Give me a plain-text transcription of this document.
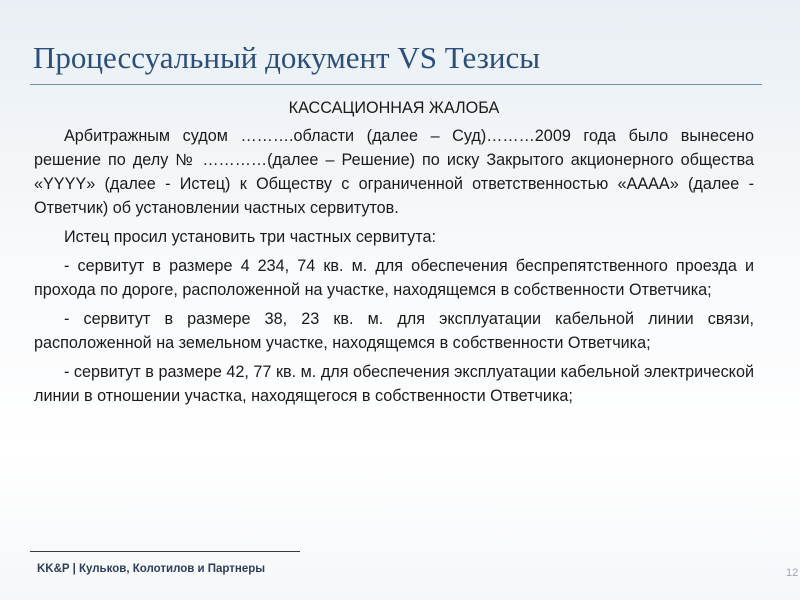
Процессуальный документ VS Тезисы
КАССАЦИОННАЯ ЖАЛОБА

Арбитражным судом ……….области (далее – Суд)………2009 года было вынесено решение по делу № …………(далее – Решение) по иску Закрытого акционерного общества «YYYY» (далее - Истец) к Обществу с ограниченной ответственностью «АААА» (далее - Ответчик) об установлении частных сервитутов.

Истец просил установить три частных сервитута:

- сервитут в размере 4 234, 74 кв. м. для обеспечения беспрепятственного проезда и прохода по дороге, расположенной на участке, находящемся в собственности Ответчика;

- сервитут в размере 38, 23 кв. м. для эксплуатации кабельной линии связи, расположенной на земельном участке, находящемся в собственности Ответчика;

- сервитут в размере 42, 77 кв. м. для обеспечения эксплуатации кабельной электрической линии в отношении участка, находящегося в собственности Ответчика;

KK&P | Кульков, Колотилов и Партнеры	12
